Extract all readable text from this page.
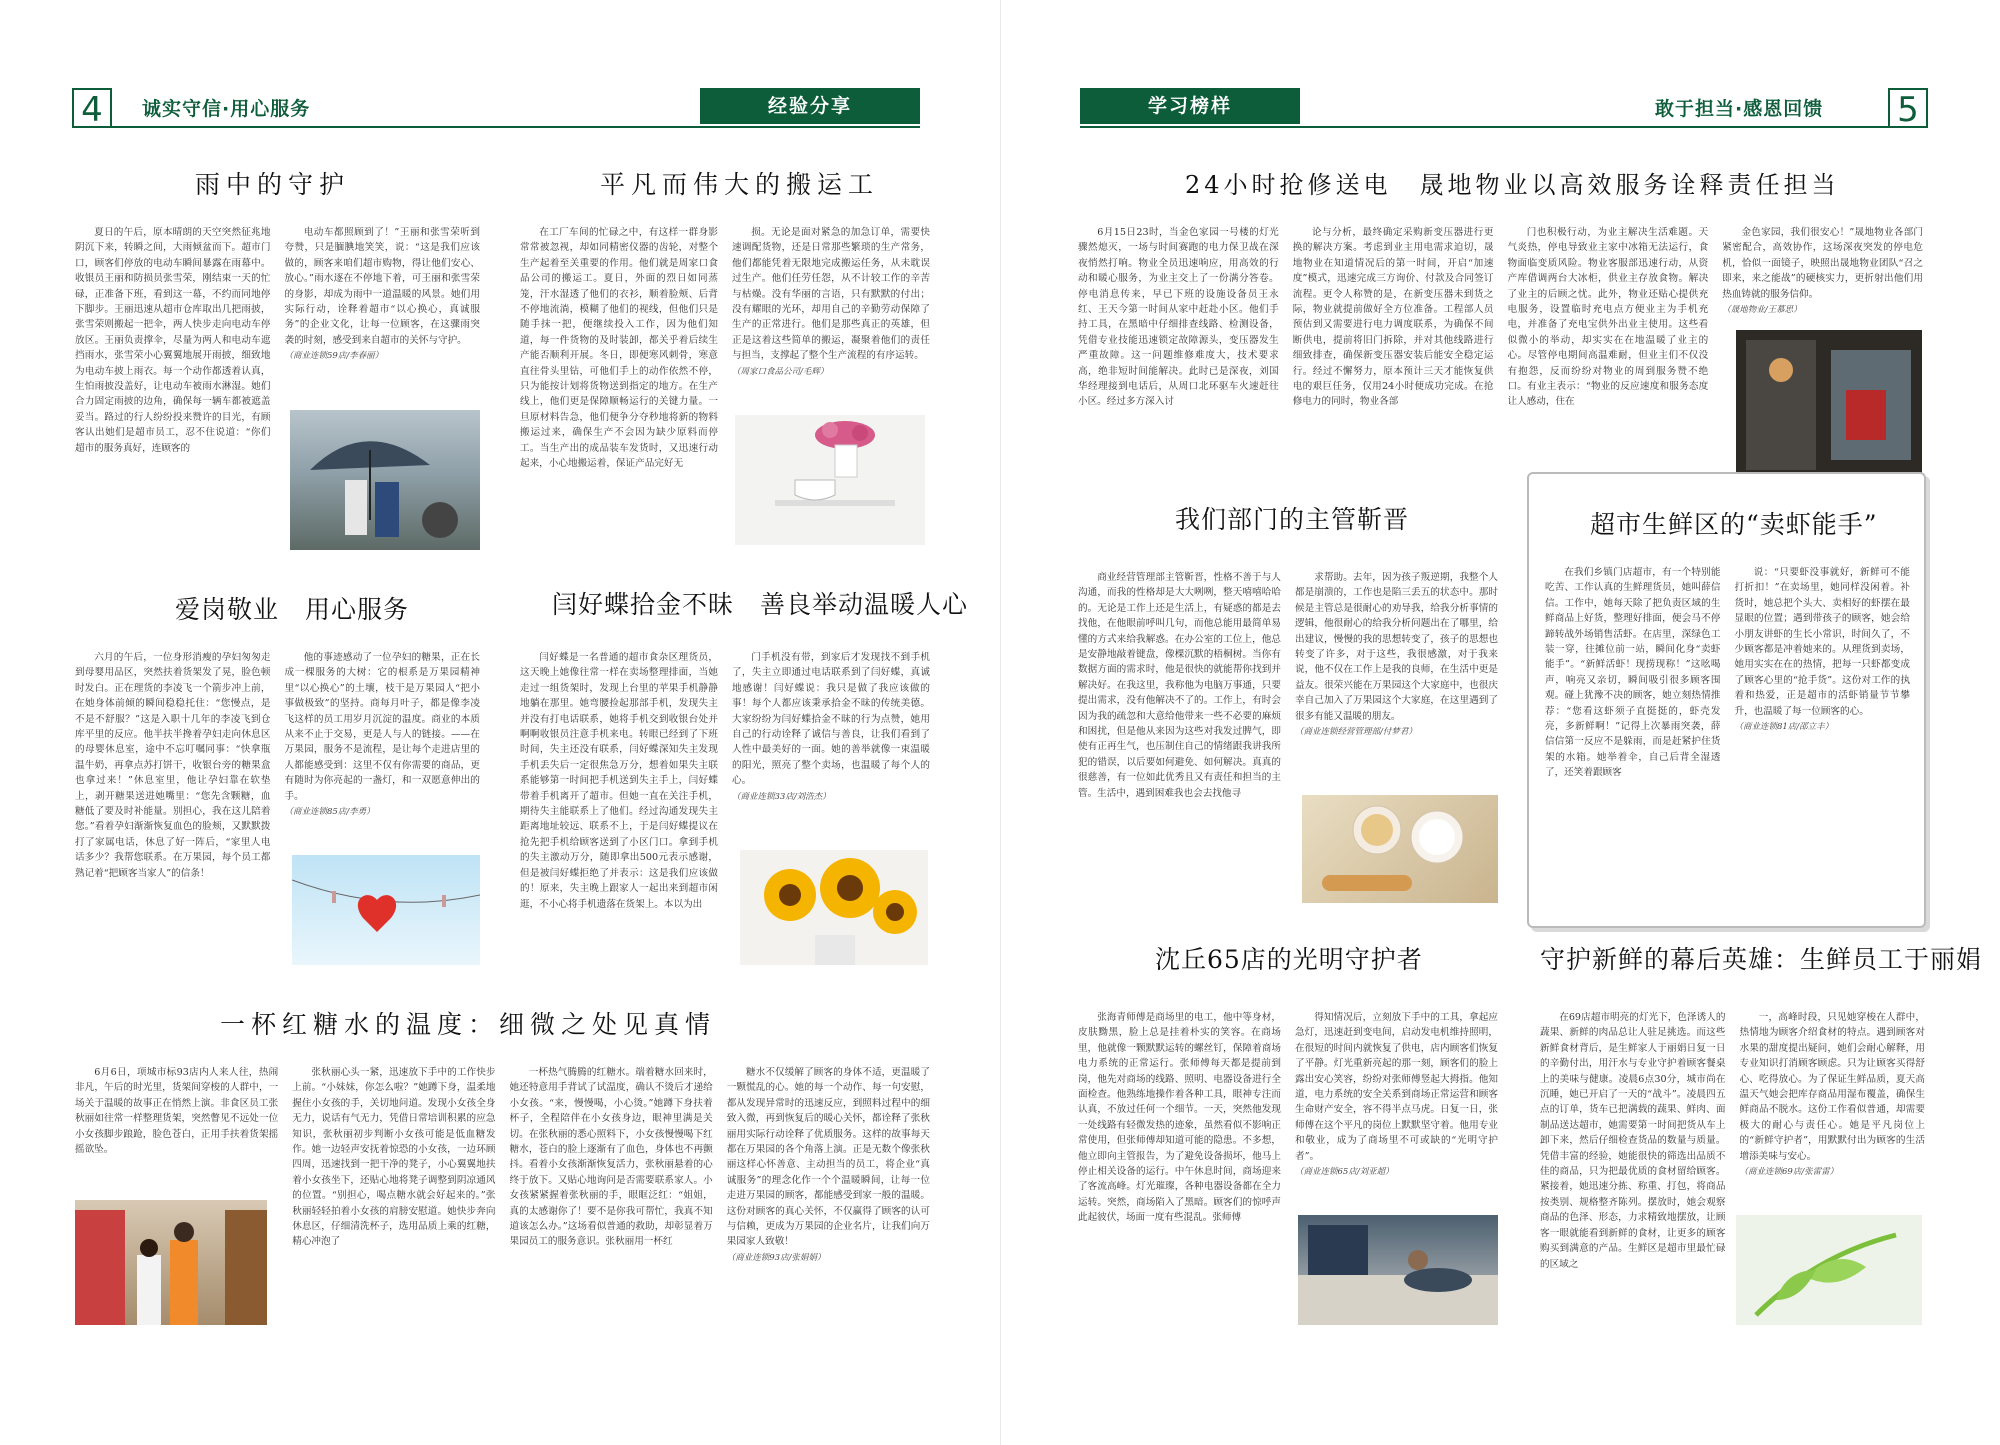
4	诚实守信·用心服务	经验分享
雨中的守护

夏日的午后，原本晴朗的天空突然征兆地阴沉下来，转瞬之间，大雨倾盆而下。超市门口，顾客们停放的电动车瞬间暴露在雨幕中。收银员王丽和防损员张雪荣，刚结束一天的忙碌，正准备下班，看到这一幕，不约而同地停下脚步。王丽迅速从超市仓库取出几把雨披，张雪荣则搬起一把伞，两人快步走向电动车停放区。王丽负责撑伞，尽量为两人和电动车遮挡雨水，张雪荣小心翼翼地展开雨披，细致地为电动车披上雨衣。每一个动作都透着认真，生怕雨披没盖好，让电动车被雨水淋湿。她们合力固定雨披的边角，确保每一辆车都被遮盖妥当。路过的行人纷纷投来赞许的目光，有顾客认出她们是超市员工，忍不住说道：“你们超市的服务真好，连顾客的

电动车都照顾到了！”王丽和张雪荣听到夸赞，只是腼腆地笑笑，说：“这是我们应该做的，顾客来咱们超市购物，得让他们安心、放心。”雨水逐在不停地下着，可王丽和张雪荣的身影，却成为雨中一道温暖的风景。她们用实际行动，诠释着超市“以心换心，真诚服务”的企业文化，让每一位顾客，在这骤雨突袭的时刻，感受到来自超市的关怀与守护。

（商业连锁59店/李春丽）
平凡而伟大的搬运工

在工厂车间的忙碌之中，有这样一群身影常常被忽视，却如同精密仪器的齿轮，对整个生产起着至关重要的作用。他们就是周家口食品公司的搬运工。夏日，外面的烈日如同蒸笼，汗水湿透了他们的衣衫，顺着脸颊、后背不停地流淌，模糊了他们的视线，但他们只是随手抹一把，便继续投入工作，因为他们知道，每一件货物的及时装卸，都关乎着后续生产能否顺利开展。冬日，即便寒风刺骨，寒意直往骨头里钻，可他们手上的动作依然不停，只为能按计划将货物送到指定的地方。在生产线上，他们更是保障顺畅运行的关键力量。一旦原材料告急，他们便争分夺秒地将新的物料搬运过来，确保生产不会因为缺少原料而停工。当生产出的成品装车发货时，又迅速行动起来，小心地搬运着，保证产品完好无

损。无论是面对紧急的加急订单，需要快速调配货物，还是日常那些繁琐的生产常务，他们都能凭着无限地完成搬运任务，从未耽误过生产。他们任劳任怨，从不计较工作的辛苦与枯燥。没有华丽的言语，只有默默的付出；没有耀眼的光环，却用自己的辛勤劳动保障了生产的正常进行。他们是那些真正的英雄，但正是这着这些简单的搬运，凝聚着他们的责任与担当，支撑起了整个生产流程的有序运转。

（周家口食品公司/毛辉）
爱岗敬业　用心服务

六月的午后，一位身形消瘦的孕妇匆匆走到母婴用品区，突然扶着货架发了晃，脸色顿时发白。正在理货的李凌飞一个箭步冲上前，在她身体前倾的瞬间稳稳托住：“您慢点，是不是不舒服？”这是入职十几年的李凌飞到仓库平里的反应。他半扶半搀着孕妇走向休息区的母婴休息室，途中不忘叮嘱同事：“快拿瓶温牛奶，再拿点苏打饼干，收银台旁的糖果盒也拿过来！”休息室里，他让孕妇靠在软垫上，剥开糖果送进她嘴里：“您先含颗糖，血糖低了要及时补能量。别担心，我在这儿陪着您。”看着孕妇渐渐恢复血色的脸颊，又默默拨打了家属电话，休息了好一阵后，“家里人电话多少？我帮您联系。在万果园，每个员工都熟记着“把顾客当家人”的信条！

他的事迹感动了一位孕妇的糖果，正在长成一棵服务的大树：它的根系是万果园精神里“以心换心”的土壤，枝干是万果园人“把小事做极致”的坚持。商每月叶子，都是像李凌飞这样的员工用岁月沉淀的温度。商业的本质从来不止于交易，更是人与人的链接。——在万果园，服务不是流程，是让每个走进店里的人都能感受到：这里不仅有你需要的商品，更有随时为你亮起的一盏灯，和一双愿意伸出的手。

（商业连锁85店/李勇）
闫好蝶拾金不昧　善良举动温暖人心

闫好蝶是一名普通的超市食杂区理货员，这天晚上她像往常一样在卖场整理排面，当她走过一组货架时，发现上台里的苹果手机静静地躺在那里。她弯腰捡起那部手机，发现失主并没有打电话联系，她将手机交到收银台处并啊啊收银员注意手机来电。转眼已经到了下班时间，失主还没有联系，闫好蝶深知失主发现手机丢失后一定很焦急万分，想着如果失主联系能够第一时间把手机送到失主手上，闫好蝶带着手机离开了超市。但她一直在关注手机，期待失主能联系上了他们。经过沟通发现失主距离地址较远、联系不上，于是闫好蝶提议在抢先把手机给顾客送到了小区门口。拿到手机的失主激动万分，随即拿出500元表示感谢，但是被闫好蝶拒绝了并表示：这是我们应该做的！原来，失主晚上跟家人一起出来到超市闲逛，不小心将手机遗落在货架上。本以为出

门手机没有带，到家后才发现找不到手机了，失主立即通过电话联系到了闫好蝶，真诚地感谢！闫好蝶说：我只是做了我应该做的事！每个人都应该秉承拾金不昧的传统美德。大家纷纷为闫好蝶拾金不昧的行为点赞，她用自己的行动诠释了诚信与善良，让我们看到了人性中最美好的一面。她的善举就像一束温暖的阳光，照亮了整个卖场，也温暖了每个人的心。

（商业连锁33店/刘浩杰）
一杯红糖水的温度：细微之处见真情

6月6日，项城市标93店内人来人往，热闹非凡，午后的时光里，货架间穿梭的人群中，一场关于温暖的故事正在悄然上演。非食区员工张秋丽如往常一样整理货架，突然瞥见不远处一位小女孩脚步踉跄，脸色苍白，正用手扶着货架摇摇欲坠。

张秋丽心头一紧，迅速放下手中的工作快步上前。“小妹妹，你怎么啦？”她蹲下身，温柔地握住小女孩的手，关切地问道。发现小女孩全身无力，说话有气无力，凭借日常培训积累的应急知识，张秋丽初步判断小女孩可能是低血糖发作。她一边轻声安抚着惊恐的小女孩，一边环顾四周，迅速找到一把干净的凳子，小心翼翼地扶着小女孩坐下，还贴心地将凳子调整到阴凉通风的位置。“别担心，喝点糖水就会好起来的。”张秋丽轻轻拍着小女孩的肩膀安慰道。她快步奔向休息区，仔细清洗杯子，选用品质上乘的红糖，精心冲泡了

一杯热气腾腾的红糖水。端着糖水回来时，她还特意用手背试了试温度，确认不烫后才递给小女孩。“来，慢慢喝，小心烫。”她蹲下身扶着杯子，全程陪伴在小女孩身边，眼神里满是关切。在张秋丽的悉心照料下，小女孩慢慢喝下红糖水，苍白的脸上逐渐有了血色，身体也不再颤抖。看着小女孩渐渐恢复活力，张秋丽悬着的心终于放下。又贴心地询问是否需要联系家人。小女孩紧紧握着张秋丽的手，眼眶泛红：“姐姐，真的太感谢你了！要不是你我可帮忙，我真不知道该怎么办。”这场看似普通的救助，却彰显着万果园员工的服务意识。张秋丽用一杯红

糖水不仅缓解了顾客的身体不适，更温暖了一颗慌乱的心。她的每一个动作、每一句安慰，都从发现异常时的迅速反应，到照料过程中的细致入微，再到恢复后的暖心关怀，都诠释了张秋丽用实际行动诠释了优质服务。这样的故事每天都在万果园的各个角落上演。正是无数个像张秋丽这样心怀善意、主动担当的员工，将企业“真诚服务”的理念化作一个个温暖瞬间，让每一位走进万果园的顾客，都能感受到家一般的温暖。这份对顾客的真心关怀，不仅赢得了顾客的认可与信赖，更成为万果园的企业名片，让我们向万果园家人致敬！

（商业连锁93店/张娟娟）
学习榜样	敢于担当·感恩回馈 5
24小时抢修送电　晟地物业以高效服务诠释责任担当

6月15日23时，当金色家园一号楼的灯光骤然熄灭，一场与时间赛跑的电力保卫战在深夜悄然打响。物业全员迅速响应，用高效的行动和暖心服务，为业主交上了一份满分答卷。停电消息传来，早已下班的设施设备员王永红、王天今第一时间从家中赶赴小区。他们手持工具，在黑暗中仔细排查线路、检测设备，凭借专业技能迅速锁定故障源头，变压器发生严重故障。这一问题维修难度大，技术要求高，绝非短时间能解决。此时已是深夜，刘国华经理接到电话后，从周口北环驱车火速赶往小区。经过多方深入讨

论与分析，最终确定采购新变压器进行更换的解决方案。考虑到业主用电需求迫切，晟地物业在知道情况后的第一时间，开启“加速度”模式，迅速完成三方询价、付款及合同签订流程。更令人称赞的是，在新变压器未到货之际，物业就提前做好全方位准备。工程部人员预估到又需要进行电力调度联系，为确保不间断供电，提前将旧门拆除，并对其他线路进行细致排查，确保新变压器安装后能安全稳定运行。经过不懈努力，原本预计三天才能恢复供电的艰巨任务，仅用24小时便成功完成。在抢修电力的同时，物业各部

门也积极行动，为业主解决生活难题。天气炎热，停电导致业主家中冰箱无法运行，食物面临变质风险。物业客服部迅速行动，从资产库借调两台大冰柜，供业主存放食物。解决了业主的后顾之忧。此外，物业还贴心提供充电服务，设置临时充电点方便业主为手机充电，并准备了充电宝供外出业主使用。这些看似微小的举动，却实实在在地温暖了业主的心。尽管停电期间高温难耐，但业主们不仅没有抱怨，反而纷纷对物业的周到服务赞不绝口。有业主表示：“物业的反应速度和服务态度让人感动，住在

金色家园，我们很安心！”晟地物业各部门紧密配合，高效协作，这场深夜突发的停电危机，恰似一面镜子，映照出晟地物业团队“召之即来，来之能战”的硬核实力，更折射出他们用热血铸就的服务信仰。

（晟地物业/王慕思）
我们部门的主管靳晋

商业经营管理部主管靳晋，性格不善于与人沟通，而我的性格却是大大咧咧，整天嘻嘻哈哈的。无论是工作上还是生活上，有疑惑的都是去找他，在他眼前呼叫几句，而他总能用最简单易懂的方式来给我解惑。在办公室的工位上，他总是安静地敲着键盘，像棵沉默的梧桐树。当你有数据方面的需求时，他是很快的就能帮你找到并解决好。在我这里，我称他为电脑万事通，只要提出需求，没有他解决不了的。工作上，有时会因为我的疏忽和大意给他带来一些不必要的麻烦和困扰，但是他从来因为这些对我发过脾气，即使有正再生气，也压制住自己的情绪跟我讲我所犯的错误，以后要如何避免、如何解决。真真的很慈善，有一位如此优秀且又有责任和担当的主管。生活中，遇到困难我也会去找他寻

求帮助。去年，因为孩子叛逆期，我整个人都是崩溃的，工作也是陷三丢五的状态中。那时候是主管总是很耐心的劝导我，给我分析事情的逻辑，他很耐心的给我分析问题出在了哪里，给出建议，慢慢的我的思想转变了，孩子的思想也转变了许多，对于这些，我很感激，对于我来说，他不仅在工作上是我的良师，在生活中更是益友。很荣兴能在万果园这个大家庭中，也很庆幸自己加入了万果园这个大家庭，在这里遇到了很多有能又温暖的朋友。

（商业连锁经营管理部/付梦君）
超市生鲜区的“卖虾能手”

在我们乡镇门店超市，有一个特别能吃苦、工作认真的生鲜理货员，她叫薛信信。工作中，她每天除了把负责区域的生鲜商品上好货，整理好排面，便会马不停蹄转战外场销售活虾。在店里，深绿色工装一穿，往摊位前一站，瞬间化身“卖虾能手”。“新鲜活虾！现捞现称！”这吆喝声，响亮又亲切，瞬间吸引很多顾客围观。碰上犹豫不决的顾客，她立刻热情推荐：“您看这虾须子直挺挺的，虾壳发亮，多新鲜啊！”记得上次暴雨突袭，薛信信第一反应不是躲雨，而是赶紧护住货架的水箱。她举着伞，自己后背全湿透了，还笑着跟顾客

说：“只要虾没事就好，新鲜可不能打折扣！”在卖场里，她同样没闲着。补货时，她总把个头大、卖相好的虾摆在最显眼的位置；遇到带孩子的顾客，她会给小朋友讲虾的生长小常识，时间久了，不少顾客都是冲着她来的。从理货到卖场，她用实实在在的热情，把每一只虾都变成了顾客心里的“抢手货”。这份对工作的执着和热爱，正是超市的活虾销量节节攀升，也温暖了每一位顾客的心。

（商业连锁81店/邵立丰）
沈丘65店的光明守护者

张海青师傅是商场里的电工，他中等身材，皮肤黝黑，脸上总是挂着朴实的笑容。在商场里，他就像一颗默默运转的螺丝钉，保障着商场电力系统的正常运行。张师傅每天都是提前到岗，他先对商场的线路、照明、电器设备进行全面检查。他熟练地操作着各种工具，眼神专注而认真，不放过任何一个细节。一天，突然他发现一处线路有轻微发热的迹象，虽然看似不影响正常使用，但张师傅却知道可能的隐患。不多想，他立即向主管报告，为了避免设备损坏，他马上停止相关设备的运行。中午休息时间，商场迎来了客流高峰。灯光璀璨，各种电器设备都在全力运转。突然，商场陷入了黑暗。顾客们的惊呼声此起彼伏，场面一度有些混乱。张师傅

得知情况后，立刻放下手中的工具，拿起应急灯，迅速赶到变电间，启动发电机维持照明，在很短的时间内就恢复了供电，店内顾客们恢复了平静。灯光重新亮起的那一刻，顾客们的脸上露出安心笑容，纷纷对张师傅竖起大拇指。他知道，电力系统的安全关系到商场正常运营和顾客生命财产安全，容不得半点马虎。日复一日，张师傅在这个平凡的岗位上默默坚守着。他用专业和敬业，成为了商场里不可或缺的“光明守护者”。

（商业连锁65店/刘亚超）
守护新鲜的幕后英雄：生鲜员工于丽娟

在69店超市明亮的灯光下，色泽诱人的蔬果、新鲜的肉品总让人驻足挑选。而这些新鲜食材背后，是生鲜家人于丽娟日复一日的辛勤付出，用汗水与专业守护着顾客餐桌上的美味与健康。凌晨6点30分，城市尚在沉睡，她已开启了一天的“战斗”。凌晨四五点的订单，货车已把满载的蔬果、鲜肉、面制品送达超市，她需要第一时间把货从车上卸下来，然后仔细检查货品的数量与质量。凭借丰富的经验，她能很快的筛选出品质不佳的商品，只为把最优质的食材留给顾客。紧接着，她迅速分拣、称重、打包，将商品按类别、规格整齐陈列。摆放时，她会观察商品的色泽、形态，力求精致地摆放，让顾客一眼就能看到新鲜的食材，让更多的顾客购买到满意的产品。生鲜区是超市里最忙碌的区域之

一，高峰时段，只见她穿梭在人群中，热情地为顾客介绍食材的特点。遇到顾客对水果的甜度提出疑问，她们会耐心解释，用专业知识打消顾客顾虑。只为让顾客买得舒心、吃得放心。为了保证生鲜品质，夏天高温天气她会把库存商品用湿布覆盖，确保生鲜商品不脱水。这份工作看似普通，却需要极大的耐心与责任心。她是平凡岗位上的“新鲜守护者”，用默默付出为顾客的生活增添美味与安心。

（商业连锁69店/张雷雷）
